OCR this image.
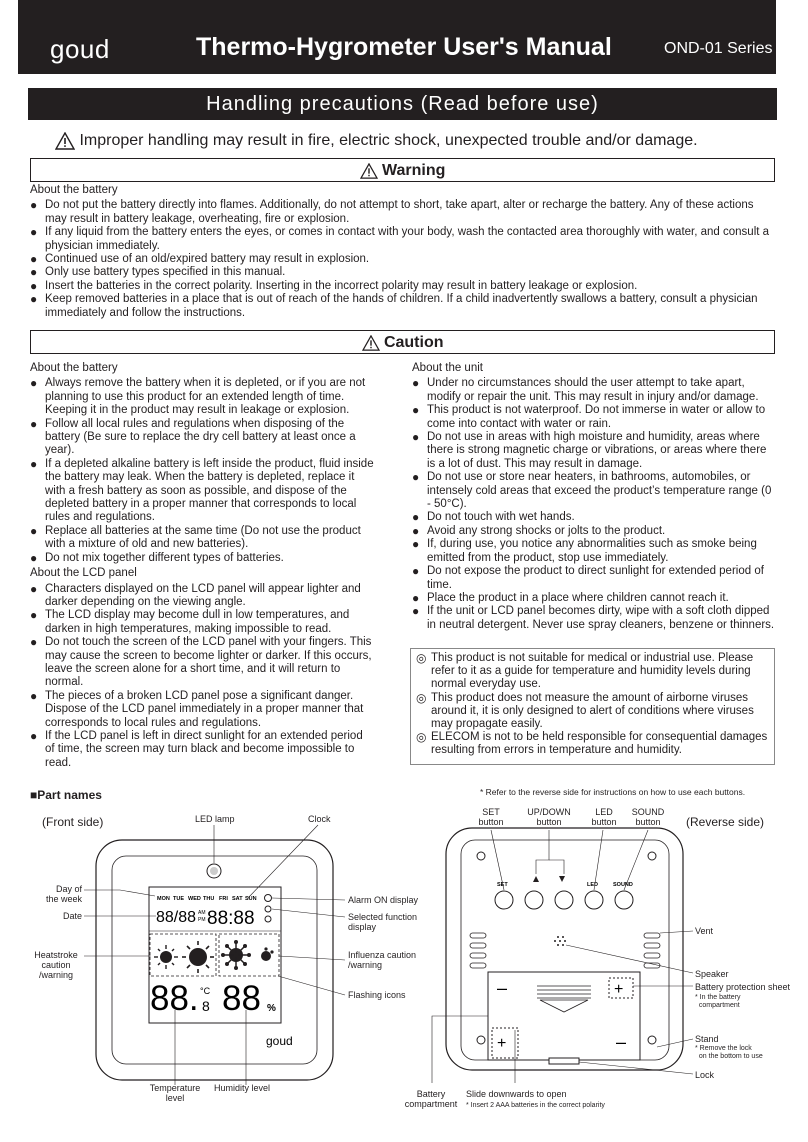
goud	Thermo-Hygrometer User's Manual	OND-01 Series
Handling precautions (Read before use)
Improper handling may result in fire, electric shock, unexpected trouble and/or damage.
Warning
About the battery
● Do not put the battery directly into flames. Additionally, do not attempt to short, take apart, alter or recharge the battery. Any of these actions may result in battery leakage, overheating, fire or explosion.
● If any liquid from the battery enters the eyes, or comes in contact with your body, wash the contacted area thoroughly with water, and consult a physician immediately.
● Continued use of an old/expired battery may result in explosion.
● Only use battery types specified in this manual.
● Insert the batteries in the correct polarity. Inserting in the incorrect polarity may result in battery leakage or explosion.
● Keep removed batteries in a place that is out of reach of the hands of children. If a child inadvertently swallows a battery, consult a physician immediately and follow the instructions.
Caution
About the battery
● Always remove the battery when it is depleted, or if you are not planning to use this product for an extended length of time. Keeping it in the product may result in leakage or explosion.
● Follow all local rules and regulations when disposing of the battery (Be sure to replace the dry cell battery at least once a year).
● If a depleted alkaline battery is left inside the product, fluid inside the battery may leak. When the battery is depleted, replace it with a fresh battery as soon as possible, and dispose of the depleted battery in a proper manner that corresponds to local rules and regulations.
● Replace all batteries at the same time (Do not use the product with a mixture of old and new batteries).
● Do not mix together different types of batteries.
About the LCD panel
● Characters displayed on the LCD panel will appear lighter and darker depending on the viewing angle.
● The LCD display may become dull in low temperatures, and darken in high temperatures, making impossible to read.
● Do not touch the screen of the LCD panel with your fingers. This may cause the screen to become lighter or darker. If this occurs, leave the screen alone for a short time, and it will return to normal.
● The pieces of a broken LCD panel pose a significant danger. Dispose of the LCD panel immediately in a proper manner that corresponds to local rules and regulations.
● If the LCD panel is left in direct sunlight for an extended period of time, the screen may turn black and become impossible to read.
About the unit
● Under no circumstances should the user attempt to take apart, modify or repair the unit. This may result in injury and/or damage.
● This product is not waterproof. Do not immerse in water or allow to come into contact with water or rain.
● Do not use in areas with high moisture and humidity, areas where there is strong magnetic charge or vibrations, or areas where there is a lot of dust. This may result in damage.
● Do not use or store near heaters, in bathrooms, automobiles, or intensely cold areas that exceed the product’s temperature range (0 - 50°C).
● Do not touch with wet hands.
● Avoid any strong shocks or jolts to the product.
● If, during use, you notice any abnormalities such as smoke being emitted from the product, stop use immediately.
● Do not expose the product to direct sunlight for extended period of time.
● Place the product in a place where children cannot reach it.
● If the unit or LCD panel becomes dirty, wipe with a soft cloth dipped in neutral detergent. Never use spray cleaners, benzene or thinners.
◎ This product is not suitable for medical or industrial use. Please refer to it as a guide for temperature and humidity levels during normal everyday use.
◎ This product does not measure the amount of airborne viruses around it, it is only designed to alert of conditions where viruses may propagate easily.
◎ ELECOM is not to be held responsible for consequential damages resulting from errors in temperature and humidity.
■Part names	* Refer to the reverse side for instructions on how to use each buttons.
(Front side)	(Reverse side)
MON TUE WED THU FRI SAT SUN
88/88 AM
PM 88:88
88. °C
8 88 %
goud
SET	LED	SOUND
–
–
+
+
LED lamp	Clock
Day of
the week
Date
Heatstroke
caution
/warning
Alarm ON display
Selected function
display
Influenza caution
/warning
Flashing icons
Temperature
level
Humidity level
SET
button
UP/DOWN
button
LED
button
SOUND
button
Vent
Speaker
Battery protection sheet
* In the battery
compartment
Stand
* Remove the lock
on the bottom to use
Lock
Battery
compartment
Slide downwards to open
* Insert 2 AAA batteries in the correct polarity
